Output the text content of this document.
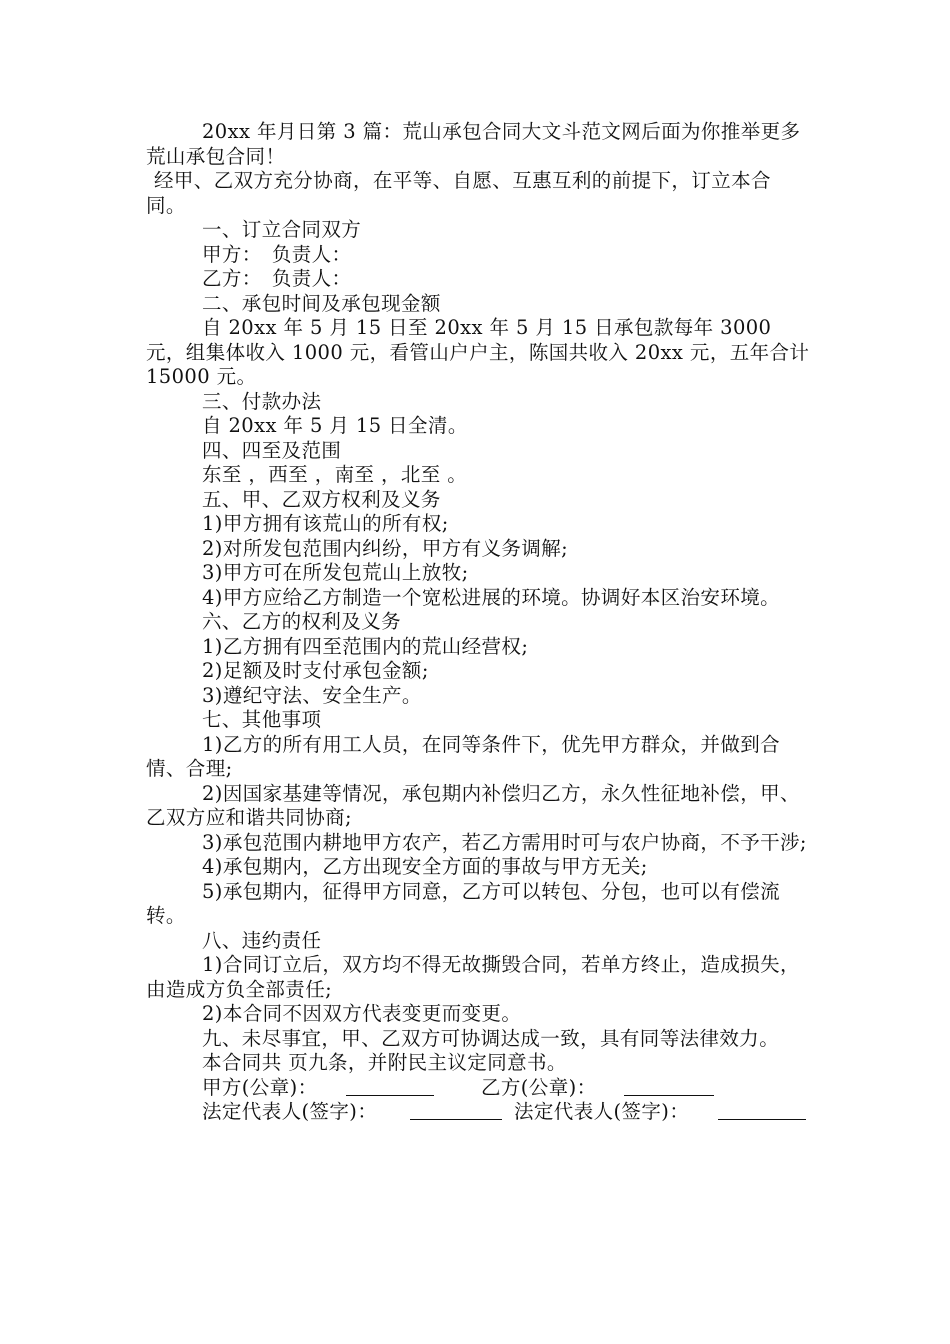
20xx 年月日第 3 篇：荒山承包合同大文斗范文网后面为你推举更多荒山承包合同！

经甲、乙双方充分协商，在平等、自愿、互惠互利的前提下，订立本合同。

一、订立合同双方

甲方：　负责人：

乙方：　负责人：

二、承包时间及承包现金额

自 20xx 年 5 月 15 日至 20xx 年 5 月 15 日承包款每年 3000 元，组集体收入 1000 元，看管山户户主，陈国共收入 20xx 元，五年合计 15000 元。

三、付款办法

自 20xx 年 5 月 15 日全清。

四、四至及范围

东至 ，西至 ，南至 ，北至 。

五、甲、乙双方权利及义务

1)甲方拥有该荒山的所有权;

2)对所发包范围内纠纷，甲方有义务调解;

3)甲方可在所发包荒山上放牧;

4)甲方应给乙方制造一个宽松进展的环境。协调好本区治安环境。

六、乙方的权利及义务

1)乙方拥有四至范围内的荒山经营权;

2)足额及时支付承包金额;

3)遵纪守法、安全生产。

七、其他事项

1)乙方的所有用工人员，在同等条件下，优先甲方群众，并做到合情、合理;

2)因国家基建等情况，承包期内补偿归乙方，永久性征地补偿，甲、乙双方应和谐共同协商;

3)承包范围内耕地甲方农产，若乙方需用时可与农户协商，不予干涉;

4)承包期内，乙方出现安全方面的事故与甲方无关;

5)承包期内，征得甲方同意，乙方可以转包、分包，也可以有偿流转。

八、违约责任

1)合同订立后，双方均不得无故撕毁合同，若单方终止，造成损失，由造成方负全部责任;

2)本合同不因双方代表变更而变更。

九、未尽事宜，甲、乙双方可协调达成一致，具有同等法律效力。

本合同共 页九条，并附民主议定同意书。

甲方(公章)：	乙方(公章)：
法定代表人(签字)：	法定代表人(签字)：
